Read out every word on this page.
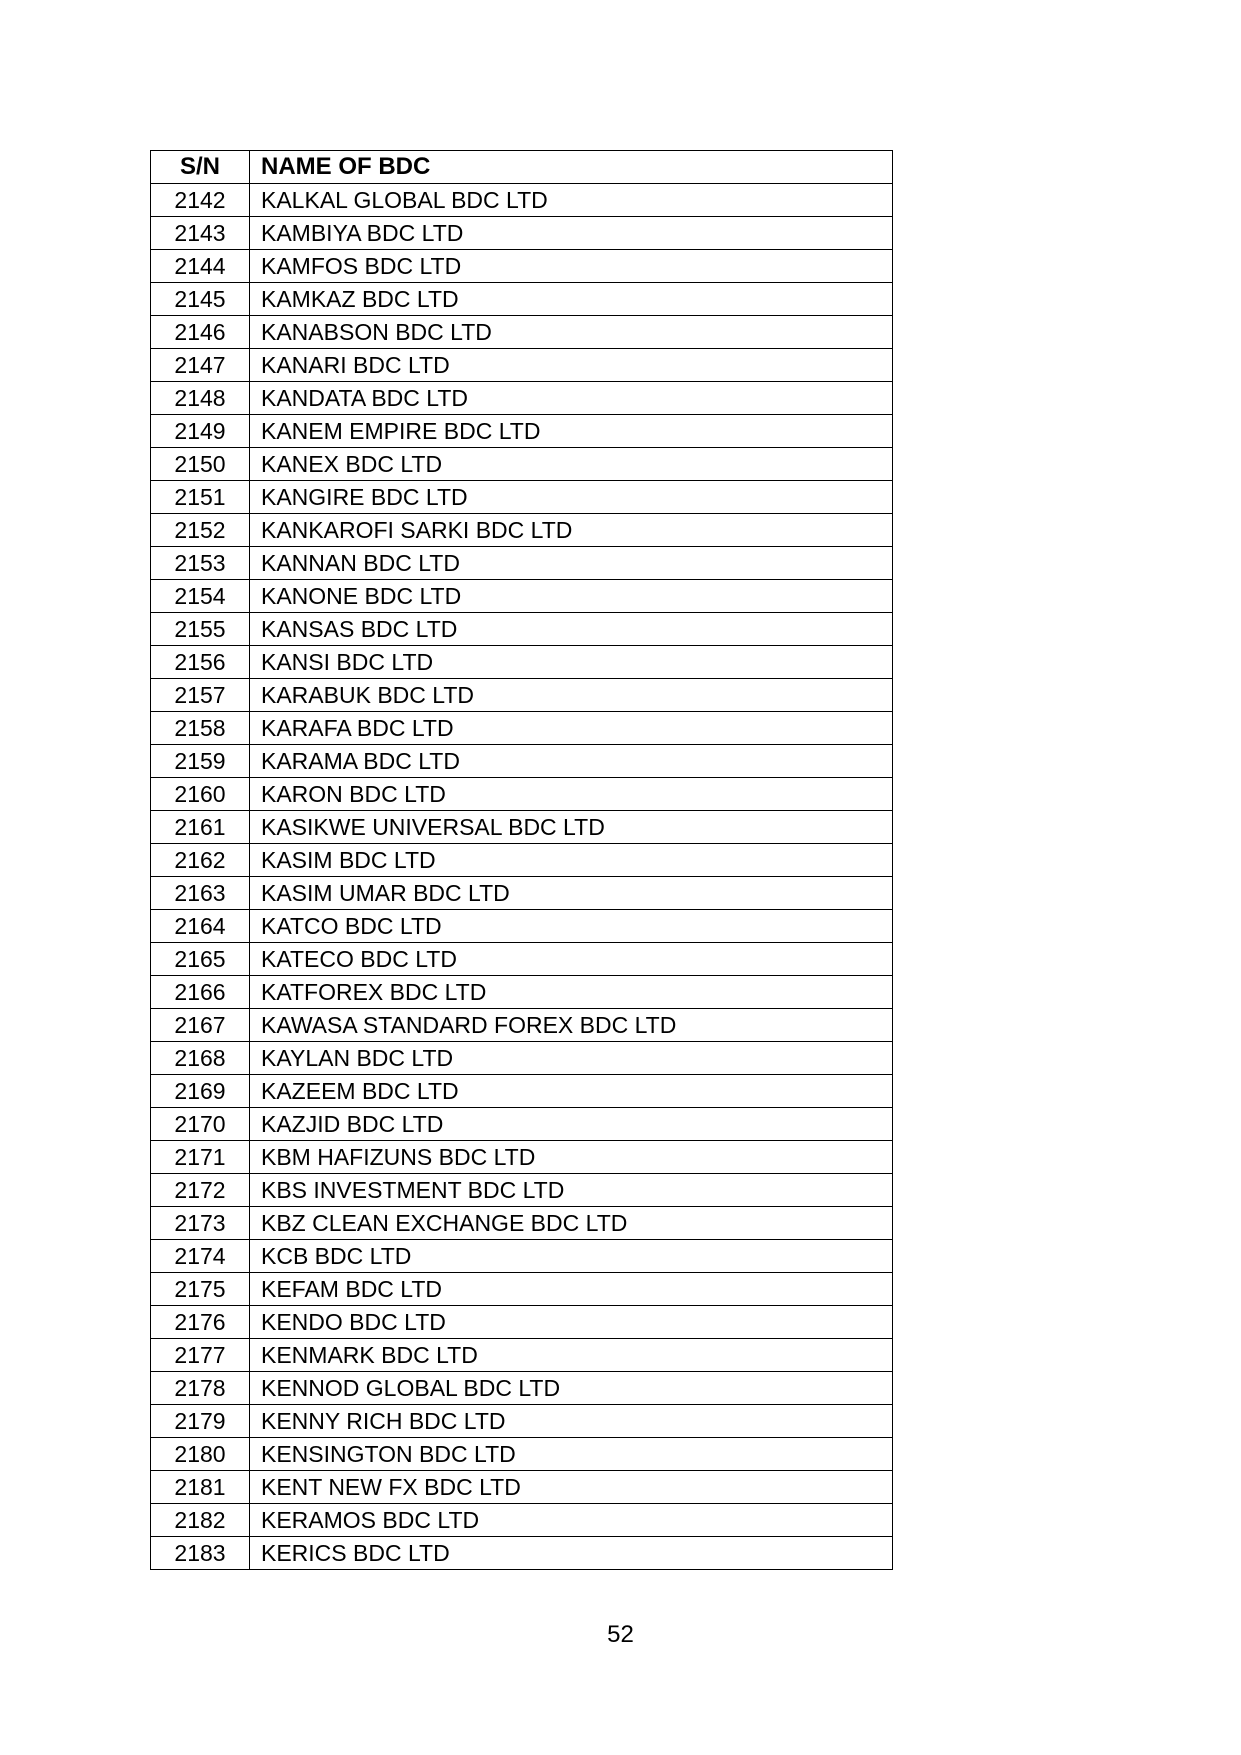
S/N	NAME OF BDC
2142	KALKAL GLOBAL BDC LTD
2143	KAMBIYA BDC LTD
2144	KAMFOS BDC LTD
2145	KAMKAZ BDC LTD
2146	KANABSON BDC LTD
2147	KANARI BDC LTD
2148	KANDATA BDC LTD
2149	KANEM EMPIRE BDC LTD
2150	KANEX BDC LTD
2151	KANGIRE BDC LTD
2152	KANKAROFI SARKI BDC LTD
2153	KANNAN BDC LTD
2154	KANONE BDC LTD
2155	KANSAS BDC LTD
2156	KANSI BDC LTD
2157	KARABUK BDC LTD
2158	KARAFA BDC LTD
2159	KARAMA BDC LTD
2160	KARON BDC LTD
2161	KASIKWE UNIVERSAL BDC LTD
2162	KASIM BDC LTD
2163	KASIM UMAR BDC LTD
2164	KATCO BDC LTD
2165	KATECO BDC LTD
2166	KATFOREX BDC LTD
2167	KAWASA STANDARD FOREX BDC LTD
2168	KAYLAN BDC LTD
2169	KAZEEM BDC LTD
2170	KAZJID BDC LTD
2171	KBM HAFIZUNS BDC LTD
2172	KBS INVESTMENT BDC LTD
2173	KBZ CLEAN EXCHANGE BDC LTD
2174	KCB BDC LTD
2175	KEFAM BDC LTD
2176	KENDO BDC LTD
2177	KENMARK BDC LTD
2178	KENNOD GLOBAL BDC LTD
2179	KENNY RICH BDC LTD
2180	KENSINGTON BDC LTD
2181	KENT NEW FX BDC LTD
2182	KERAMOS BDC LTD
2183	KERICS BDC LTD
52
